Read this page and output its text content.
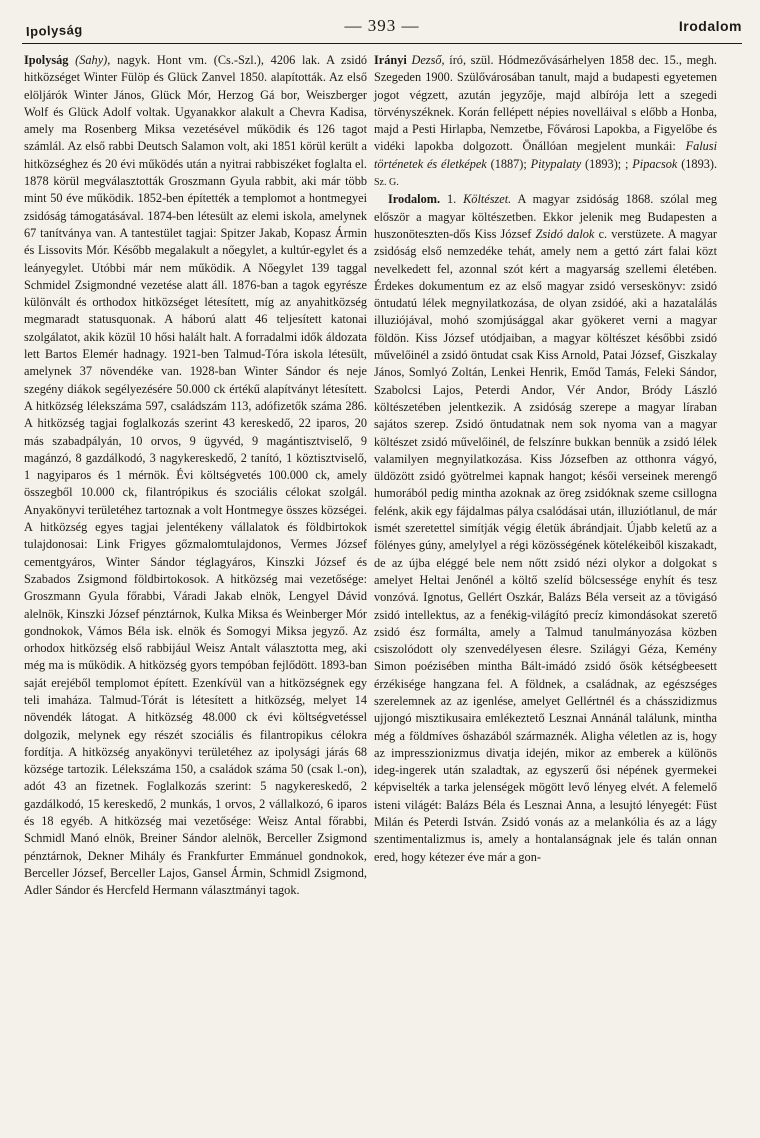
Ipolyság	— 393 —	Irodalom

Ipolyság (Sahy), nagyk. Hont vm. (Cs.-Szl.), 4206 lak. A zsidó hitközséget Winter Fülöp és Glück Zanvel 1850. alapították. Az első elöljárók Winter János, Glück Mór, Herzog Gá bor, Weiszberger Wolf és Glück Adolf voltak. Ugyanakkor alakult a Chevra Kadisa, amely ma Rosenberg Miksa vezetésével működik és 126 tagot számlál. Az első rabbi Deutsch Salamon volt, aki 1851 körül került a hitközséghez és 20 évi működés után a nyitrai rabbiszéket foglalta el. 1878 körül megválasztották Groszmann Gyula rabbit, aki már több mint 50 éve működik. 1852-ben építették a templomot a hontmegyei zsidóság támogatásával. 1874-ben létesült az elemi iskola, amelynek 67 tanítványa van. A tantestület tagjai: Spitzer Jakab, Kopasz Ármin és Lissovits Mór. Később megalakult a nőegylet, a kultúr-egylet és a leányegylet. Utóbbi már nem működik. A Nőegylet 139 taggal Schmidel Zsigmondné vezetése alatt áll. 1876-ban a tagok egyrésze különvált és orthodox hitközséget létesített, míg az anyahitközség megmaradt statusquonak. A háború alatt 46 teljesített katonai szolgálatot, akik közül 10 hősi halált halt. A forradalmi idők áldozata lett Bartos Elemér hadnagy. 1921-ben Talmud-Tóra iskola létesült, amelynek 37 növendéke van. 1928-ban Winter Sándor és neje szegény diákok segélyezésére 50.000 ck értékű alapítványt létesített. A hitközség lélekszáma 597, családszám 113, adófizetők száma 286. A hitközség tagjai foglalkozás szerint 43 kereskedő, 22 iparos, 20 más szabadpályán, 10 orvos, 9 ügyvéd, 9 magántisztviselő, 9 magánzó, 8 gazdálkodó, 3 nagykereskedő, 2 tanító, 1 köztisztviselő, 1 nagyiparos és 1 mérnök. Évi költségvetés 100.000 ck, amely összegből 10.000 ck, filantrópikus és szociális célokat szolgál. Anyakönyvi területéhez tartoznak a volt Hontmegye összes községei. A hitközség egyes tagjai jelentékeny vállalatok és földbirtokok tulajdonosai: Link Frigyes gőzmalomtulajdonos, Vermes József cementgyáros, Winter Sándor téglagyáros, Kinszki József és Szabados Zsigmond földbirtokosok. A hitközség mai vezetősége: Groszmann Gyula főrabbi, Váradi Jakab elnök, Lengyel Dávid alelnök, Kinszki József pénztárnok, Kulka Miksa és Weinberger Mór gondnokok, Vámos Béla isk. elnök és Somogyi Miksa jegyző. Az orhodox hitközség első rabbijául Weisz Antalt választotta meg, aki még ma is működik. A hitközség gyors tempóban fejlődött. 1893-ban saját erejéből templomot épített. Ezenkívül van a hitközségnek egy teli imaháza. Talmud-Tórát is létesített a hitközség, melyet 14 növendék látogat. A hitközség 48.000 ck évi költségvetéssel dolgozik, melynek egy részét szociális és filantropikus célokra fordítja. A hitközség anyakönyvi területéhez az ipolysági járás 68 községe tartozik. Lélekszáma 150, a családok száma 50 (csak l.-on), adót 43 an fizetnek. Foglalkozás szerint: 5 nagykereskedő, 2 gazdálkodó, 15 kereskedő, 2 munkás, 1 orvos, 2 vállalkozó, 6 iparos és 18 egyéb. A hitközség mai vezetősége: Weisz Antal főrabbi, Schmidl Manó elnök, Breiner Sándor alelnök, Berceller Zsigmond pénztárnok, Dekner Mihály és Frankfurter Emmánuel gondnokok, Berceller József, Berceller Lajos, Gansel Ármin, Schmidl Zsigmond, Adler Sándor és Hercfeld Hermann választmányi tagok.

Irányi Dezső, író, szül. Hódmezővásárhelyen 1858 dec. 15., megh. Szegeden 1900. Szülővárosában tanult, majd a budapesti egyetemen jogot végzett, azután jegyzője, majd albírója lett a szegedi törvényszéknek. Korán fellépett népies novelláival s előbb a Honba, majd a Pesti Hirlapba, Nemzetbe, Fővárosi Lapokba, a Figyelőbe és vidéki lapokba dolgozott. Önállóan megjelent munkái: Falusi történetek és életképek (1887); Pitypalaty (1893); ; Pipacsok (1893). Sz. G.

Irodalom. 1. Költészet. A magyar zsidóság 1868. szólal meg először a magyar költészetben. Ekkor jelenik meg Budapesten a huszonöteszten-dős Kiss József Zsidó dalok c. verstüzete. A magyar zsidóság első nemzedéke tehát, amely nem a gettó zárt falai közt nevelkedett fel, azonnal szót kért a magyarság szellemi életében. Érdekes dokumentum ez az első magyar zsidó verseskönyv: zsidó öntudatú lélek megnyilatkozása, de olyan zsidóé, aki a hazatalálás illuziójával, mohó szomjúsággal akar gyökeret verni a magyar földön. Kiss József utódjaiban, a magyar költészet későbbi zsidó művelőinél a zsidó öntudat csak Kiss Arnold, Patai József, Giszkalay János, Somlyó Zoltán, Lenkei Henrik, Emőd Tamás, Feleki Sándor, Szabolcsi Lajos, Peterdi Andor, Vér Andor, Bródy László költészetében jelentkezik. A zsidóság szerepe a magyar líraban sajátos szerep. Zsidó öntudatnak nem sok nyoma van a magyar költészet zsidó művelőinél, de felszínre bukkan bennük a zsidó lélek valamilyen megnyilatkozása. Kiss Józsefben az otthonra vágyó, üldözött zsidó gyötrelmei kapnak hangot; késői verseinek merengő humorából pedig mintha azoknak az öreg zsidóknak szeme csillogna felénk, akik egy fájdalmas pálya csalódásai után, illuziótlanul, de már ismét szeretettel simítják végig életük ábrándjait. Újabb keletű az a fölényes gúny, amelylyel a régi közösségének kötelékeiből kiszakadt, de az újba eléggé bele nem nőtt zsidó nézi olykor a dolgokat s amelyet Heltai Jenőnél a költő szelíd bölcsessége enyhít és tesz vonzóvá. Ignotus, Gellért Oszkár, Balázs Béla verseit az a tövigásó zsidó intellektus, az a fenékig-világító precíz kimondásokat szerető zsidó ész formálta, amely a Talmud tanulmányozása közben csiszolódott oly szenvedélyesen élesre. Szilágyi Géza, Kemény Simon poézisében mintha Bált-imádó zsidó ősök kétségbeesett érzékisége hangzana fel. A földnek, a családnak, az egészséges szerelemnek az az igenlése, amelyet Gellértnél és a chásszidizmus ujjongó misztikusaira emlékeztető Lesznai Annánál találunk, mintha még a földmíves őshazából származnék. Aligha véletlen az is, hogy az impresszionizmus divatja idején, mikor az emberek a különös ideg-ingerek után szaladtak, az egyszerű ősi népének gyermekei képviselték a tarka jelenségek mögött levő lényeg elvét. A felemelő isteni világét: Balázs Béla és Lesznai Anna, a lesujtó lényegét: Füst Milán és Peterdi István. Zsidó vonás az a melankólia és az a lágy szentimentalizmus is, amely a hontalanságnak jele és talán onnan ered, hogy kétezer éve már a gon-
